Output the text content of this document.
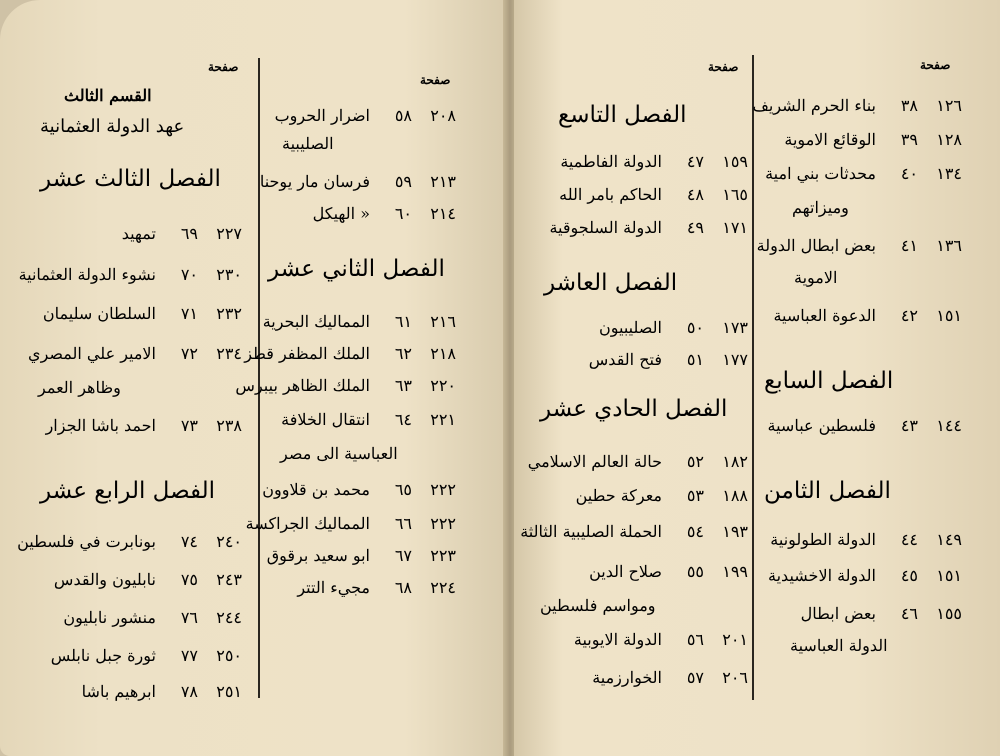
صفحة
صفحة
صفحة	صفحة
القسم الثالث
عهد الدولة العثمانية
الفصل الثالث عشر
٢٢٧
٦٩
تمهيد
٢٣٠
٧٠
نشوء الدولة العثمانية
٢٣٢
٧١
السلطان سليمان
٢٣٤
٧٢
الامير علي المصري
وظاهر العمر
٢٣٨
٧٣
احمد باشا الجزار
الفصل الرابع عشر
٢٤٠
٧٤
بونابرت في فلسطين
٢٤٣
٧٥
نابليون والقدس
٢٤٤
٧٦
منشور نابليون
٢٥٠
٧٧
ثورة جبل نابلس
٢٥١
٧٨
ابرهيم باشا
٢٠٨
٥٨
اضرار الحروب
الصليبية
٢١٣
٥٩
فرسان مار يوحنا
٢١٤
٦٠
« الهيكل
الفصل الثاني عشر
٢١٦
٦١
المماليك البحرية
٢١٨
٦٢
الملك المظفر قطز
٢٢٠
٦٣
الملك الظاهر بيبرس
٢٢١
٦٤
انتقال الخلافة
العباسية الى مصر
٢٢٢
٦٥
محمد بن قلاوون
٢٢٢
٦٦
المماليك الجراكسة
٢٢٣
٦٧
ابو سعيد برقوق
٢٢٤
٦٨
مجيء التتر
الفصل التاسع
١٥٩
٤٧
الدولة الفاطمية
١٦٥
٤٨
الحاكم بامر الله
١٧١
٤٩
الدولة السلجوقية
الفصل العاشر
١٧٣
٥٠
الصليبيون
١٧٧
٥١
فتح القدس
الفصل الحادي عشر
١٨٢
٥٢
حالة العالم الاسلامي
١٨٨
٥٣
معركة حطين
١٩٣
٥٤
الحملة الصليبية الثالثة
١٩٩
٥٥
صلاح الدين
ومواسم فلسطين
٢٠١
٥٦
الدولة الايوبية
٢٠٦
٥٧
الخوارزمية
١٢٦
٣٨
بناء الحرم الشريف
١٢٨
٣٩
الوقائع الاموية
١٣٤
٤٠
محدثات بني امية
وميزاتهم
١٣٦
٤١
بعض ابطال الدولة
الاموية
١٥١
٤٢
الدعوة العباسية
الفصل السابع
١٤٤
٤٣
فلسطين عباسية
الفصل الثامن
١٤٩
٤٤
الدولة الطولونية
١٥١
٤٥
الدولة الاخشيدية
١٥٥
٤٦
بعض ابطال
الدولة العباسية
